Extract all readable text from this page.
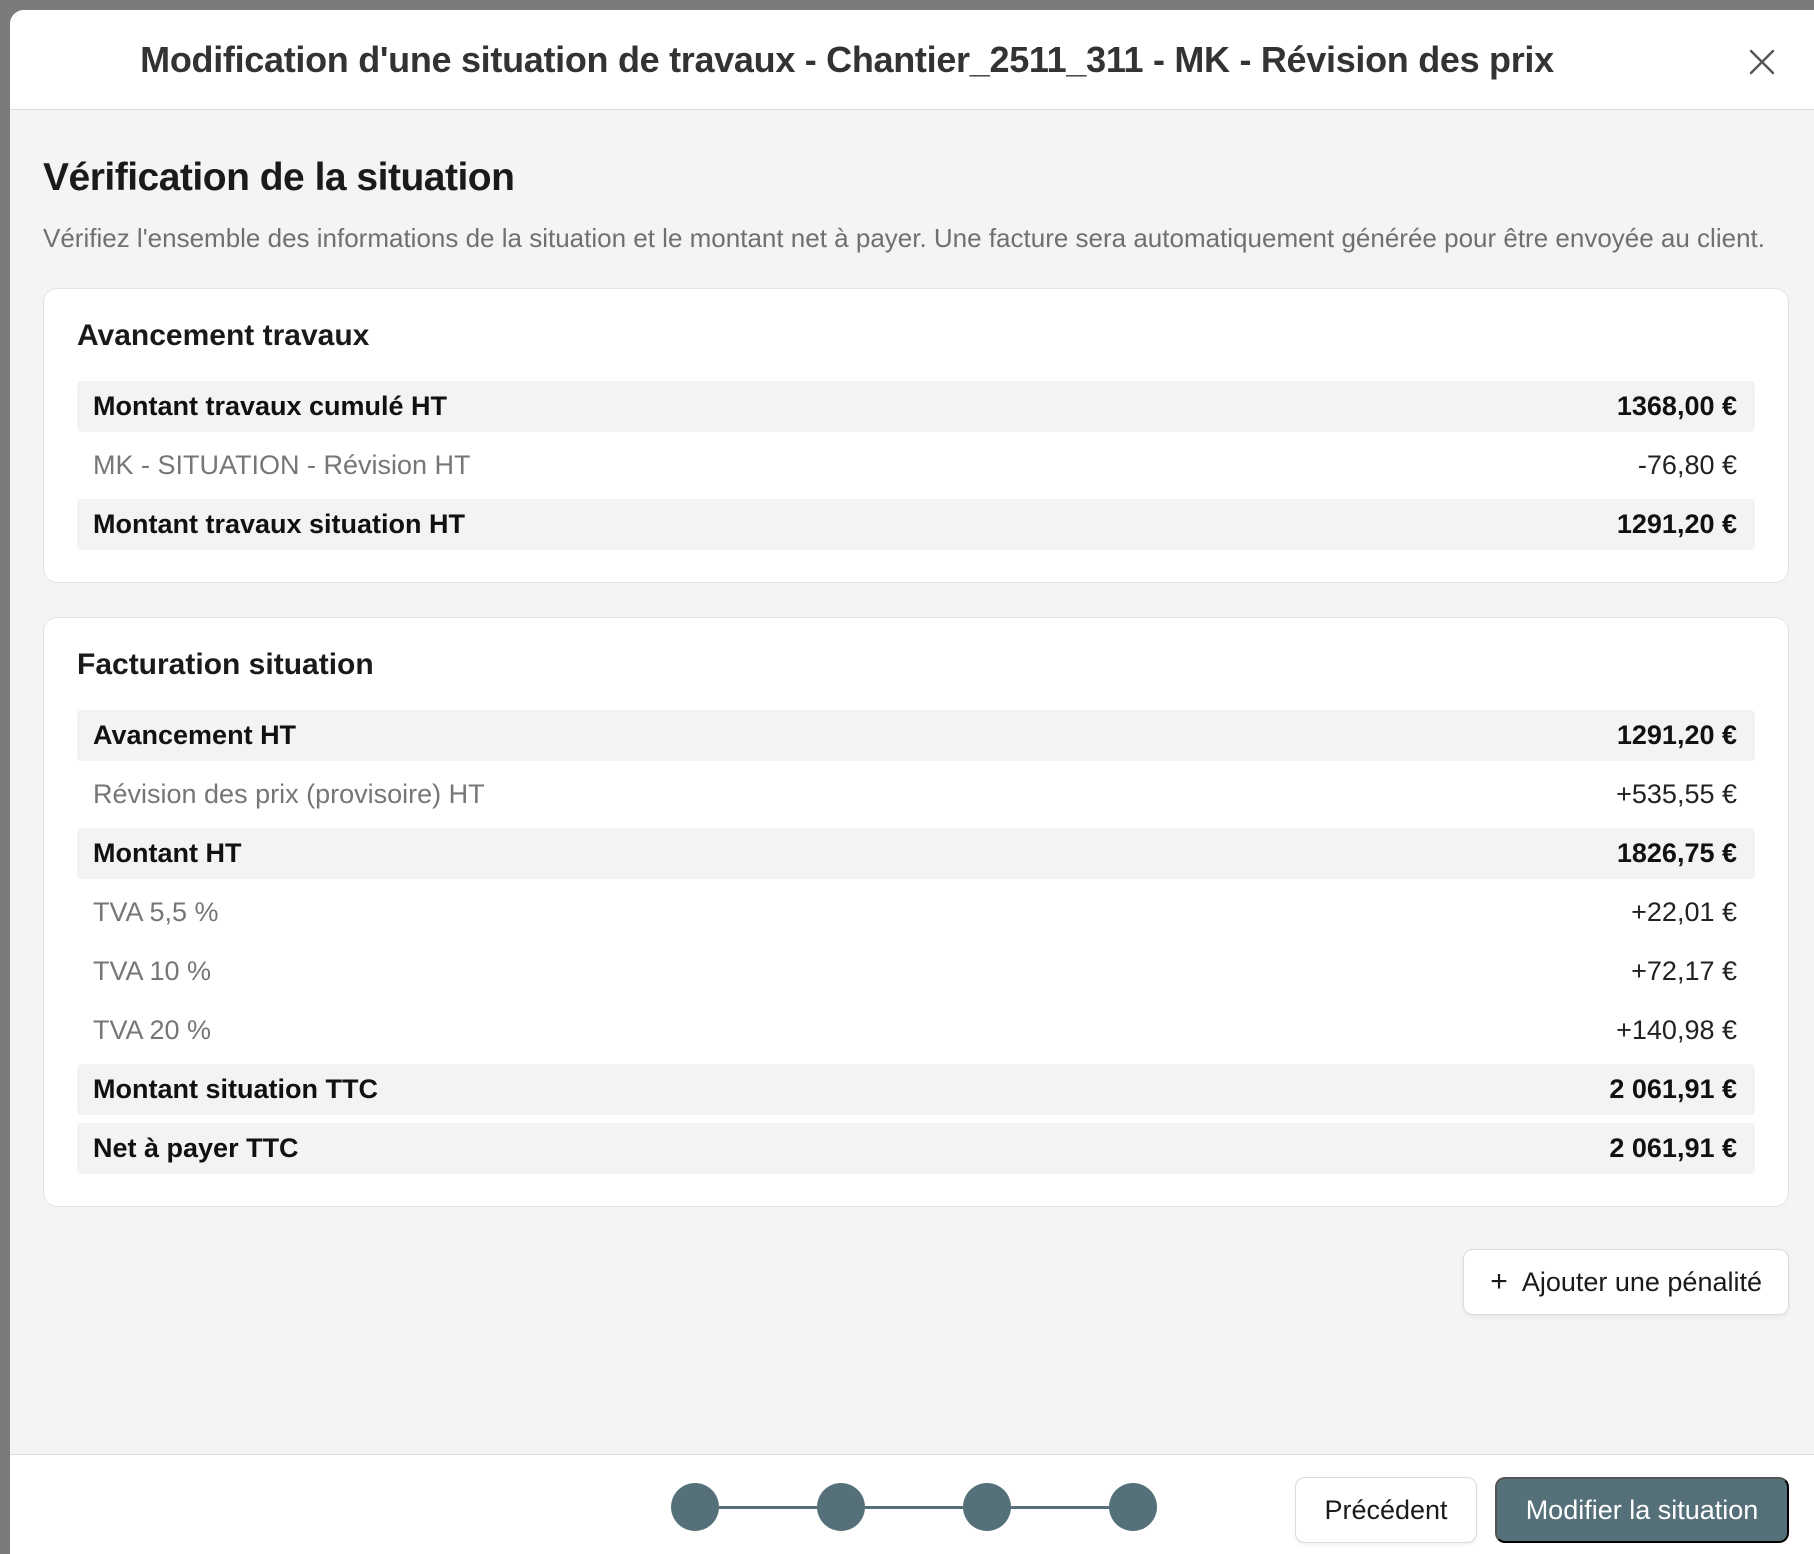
Modification d'une situation de travaux - Chantier_2511_311 - MK - Révision des prix
Vérification de la situation

Vérifiez l'ensemble des informations de la situation et le montant net à payer. Une facture sera automatiquement générée pour être envoyée au client.

Avancement travaux
Montant travaux cumulé HT	1368,00 €
MK - SITUATION - Révision HT	-76,80 €
Montant travaux situation HT	1291,20 €
Facturation situation
Avancement HT	1291,20 €
Révision des prix (provisoire) HT	+535,55 €
Montant HT	1826,75 €
TVA 5,5 %	+22,01 €
TVA 10 %	+72,17 €
TVA 20 %	+140,98 €
Montant situation TTC	2 061,91 €
Net à payer TTC	2 061,91 €
+ Ajouter une pénalité
Précédent	Modifier la situation
